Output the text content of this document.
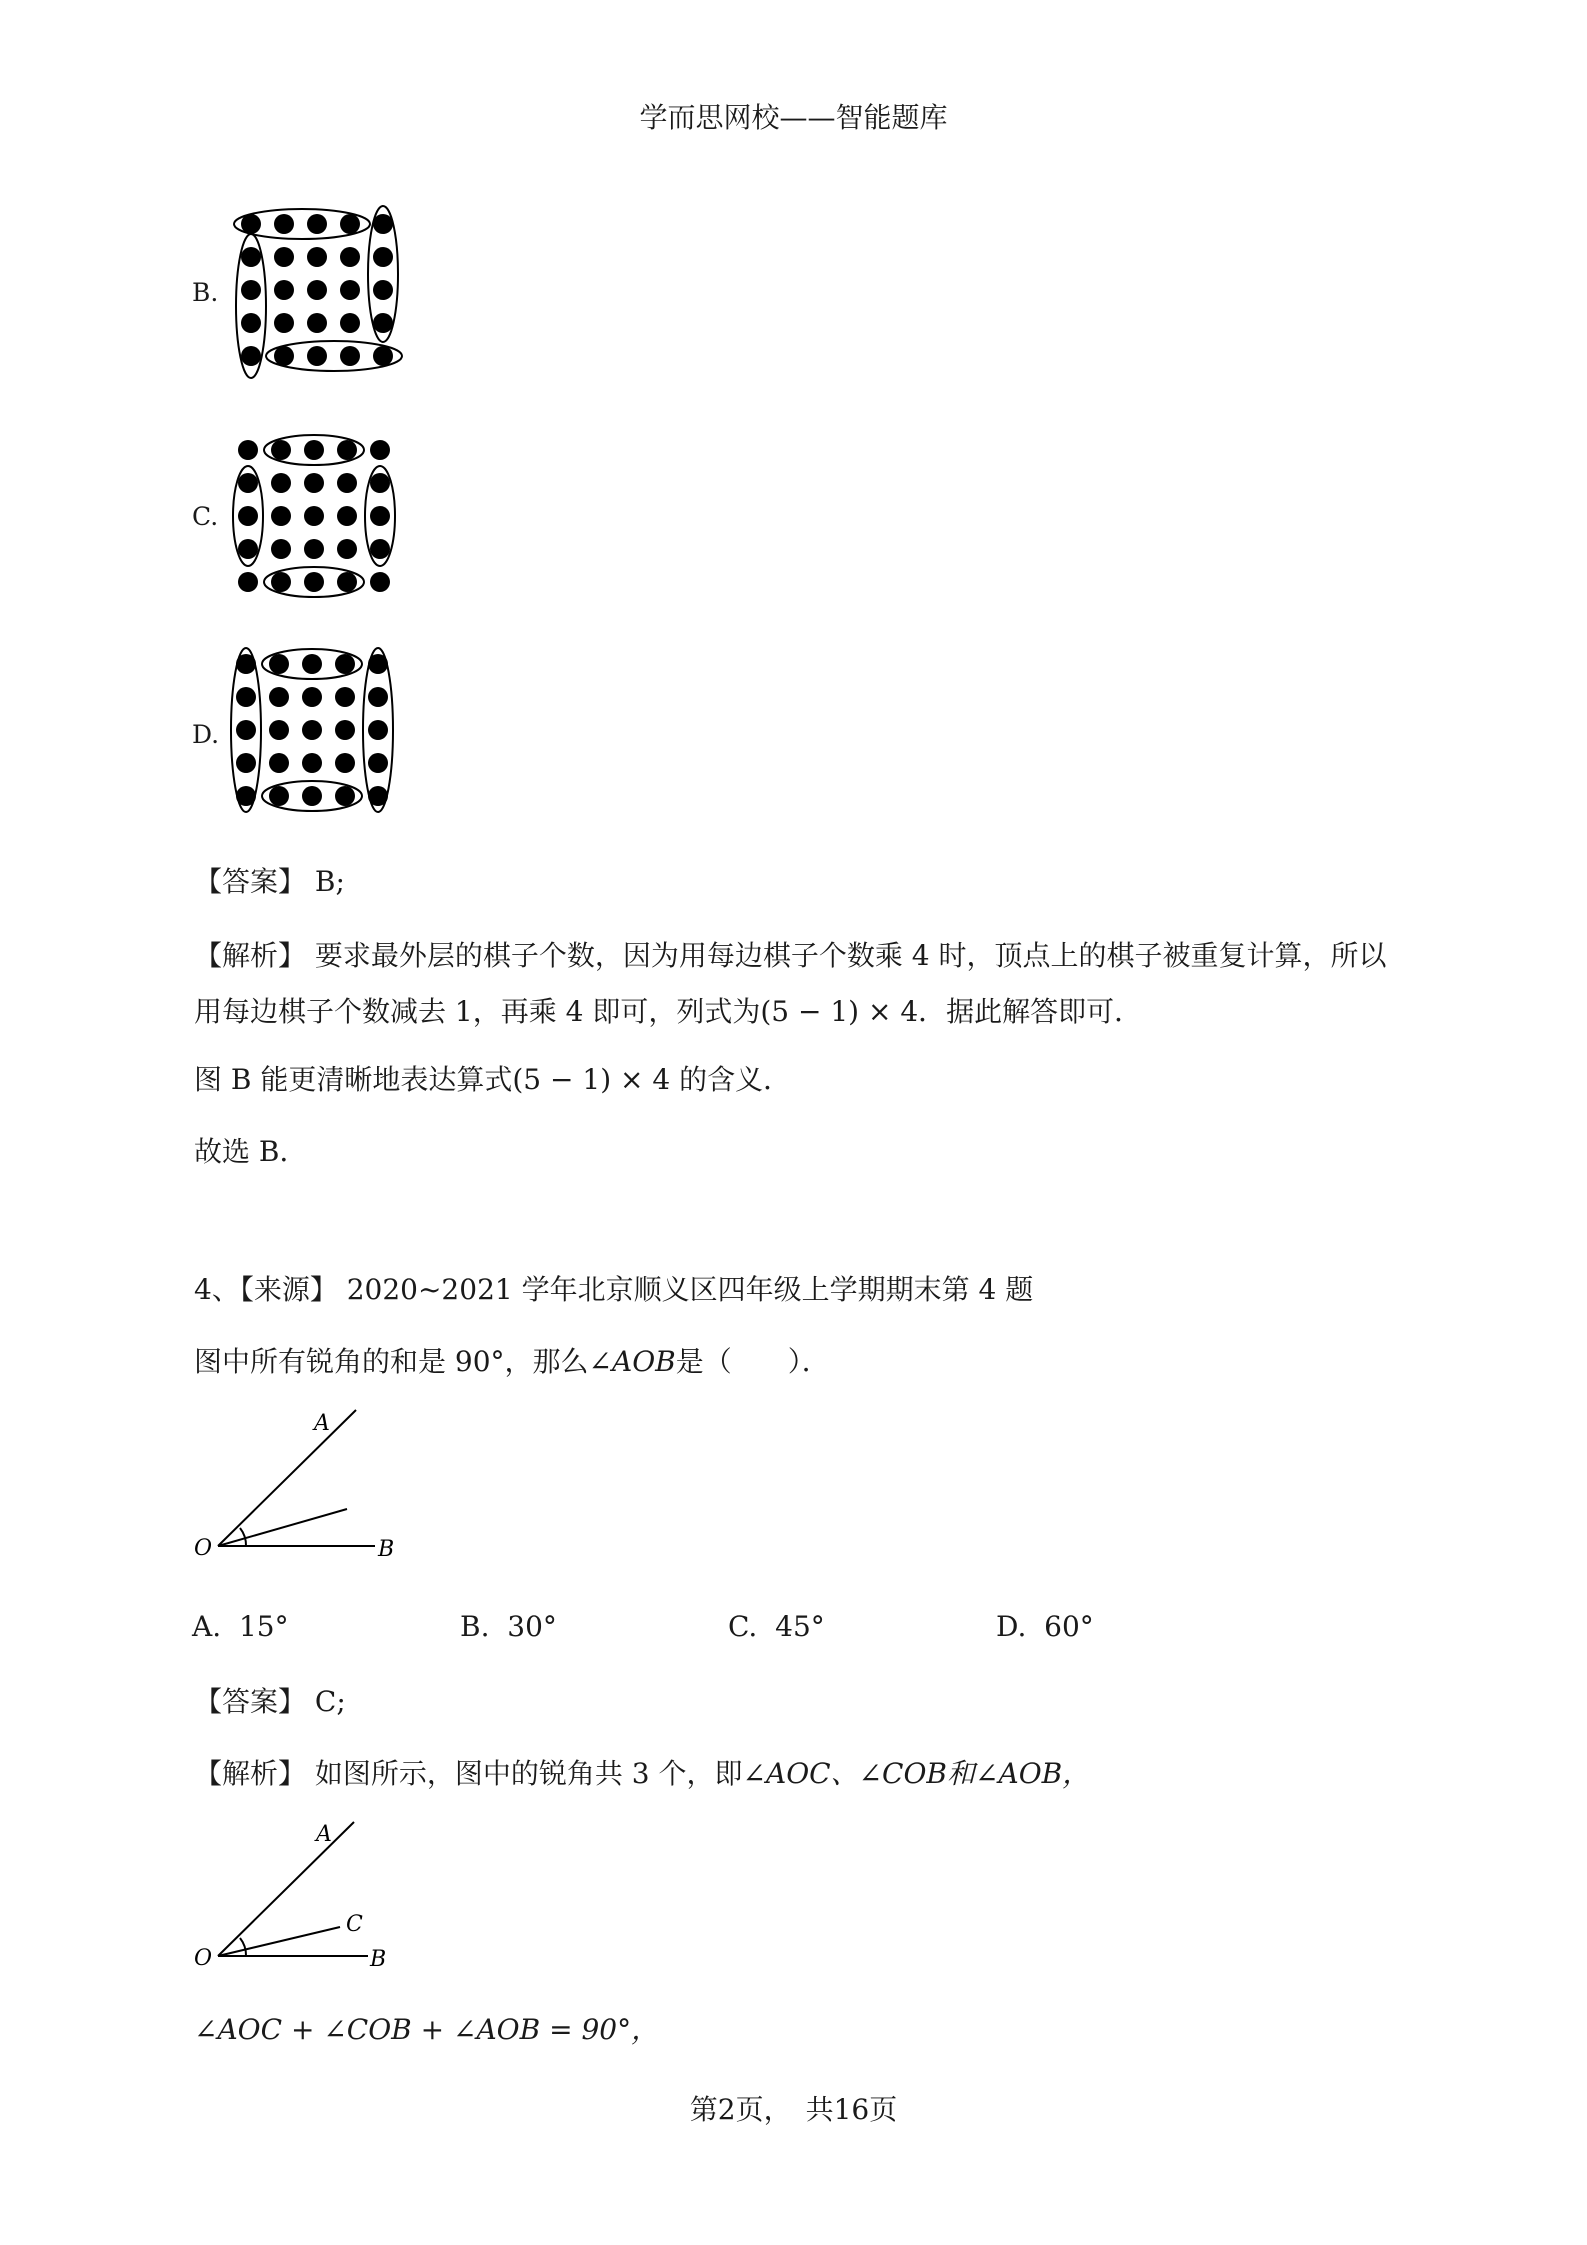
学而思网校——智能题库
B.
C.
D.
【答案】 B;
【解析】 要求最外层的棋子个数，因为用每边棋子个数乘 4 时，顶点上的棋子被重复计算，所以
用每边棋子个数减去 1，再乘 4 即可，列式为(5 − 1) × 4．据此解答即可．
图 B 能更清晰地表达算式(5 − 1) × 4 的含义．
故选 B．
4、【来源】 2020~2021 学年北京顺义区四年级上学期期末第 4 题
图中所有锐角的和是 90°，那么∠AOB是（　　）．
A
O	B
A. 15°	B. 30°	C. 45°	D. 60°
【答案】 C;
【解析】 如图所示，图中的锐角共 3 个，即∠AOC、∠COB和∠AOB，
A
C
O	B
∠AOC + ∠COB + ∠AOB = 90°，
第2页，　共16页
